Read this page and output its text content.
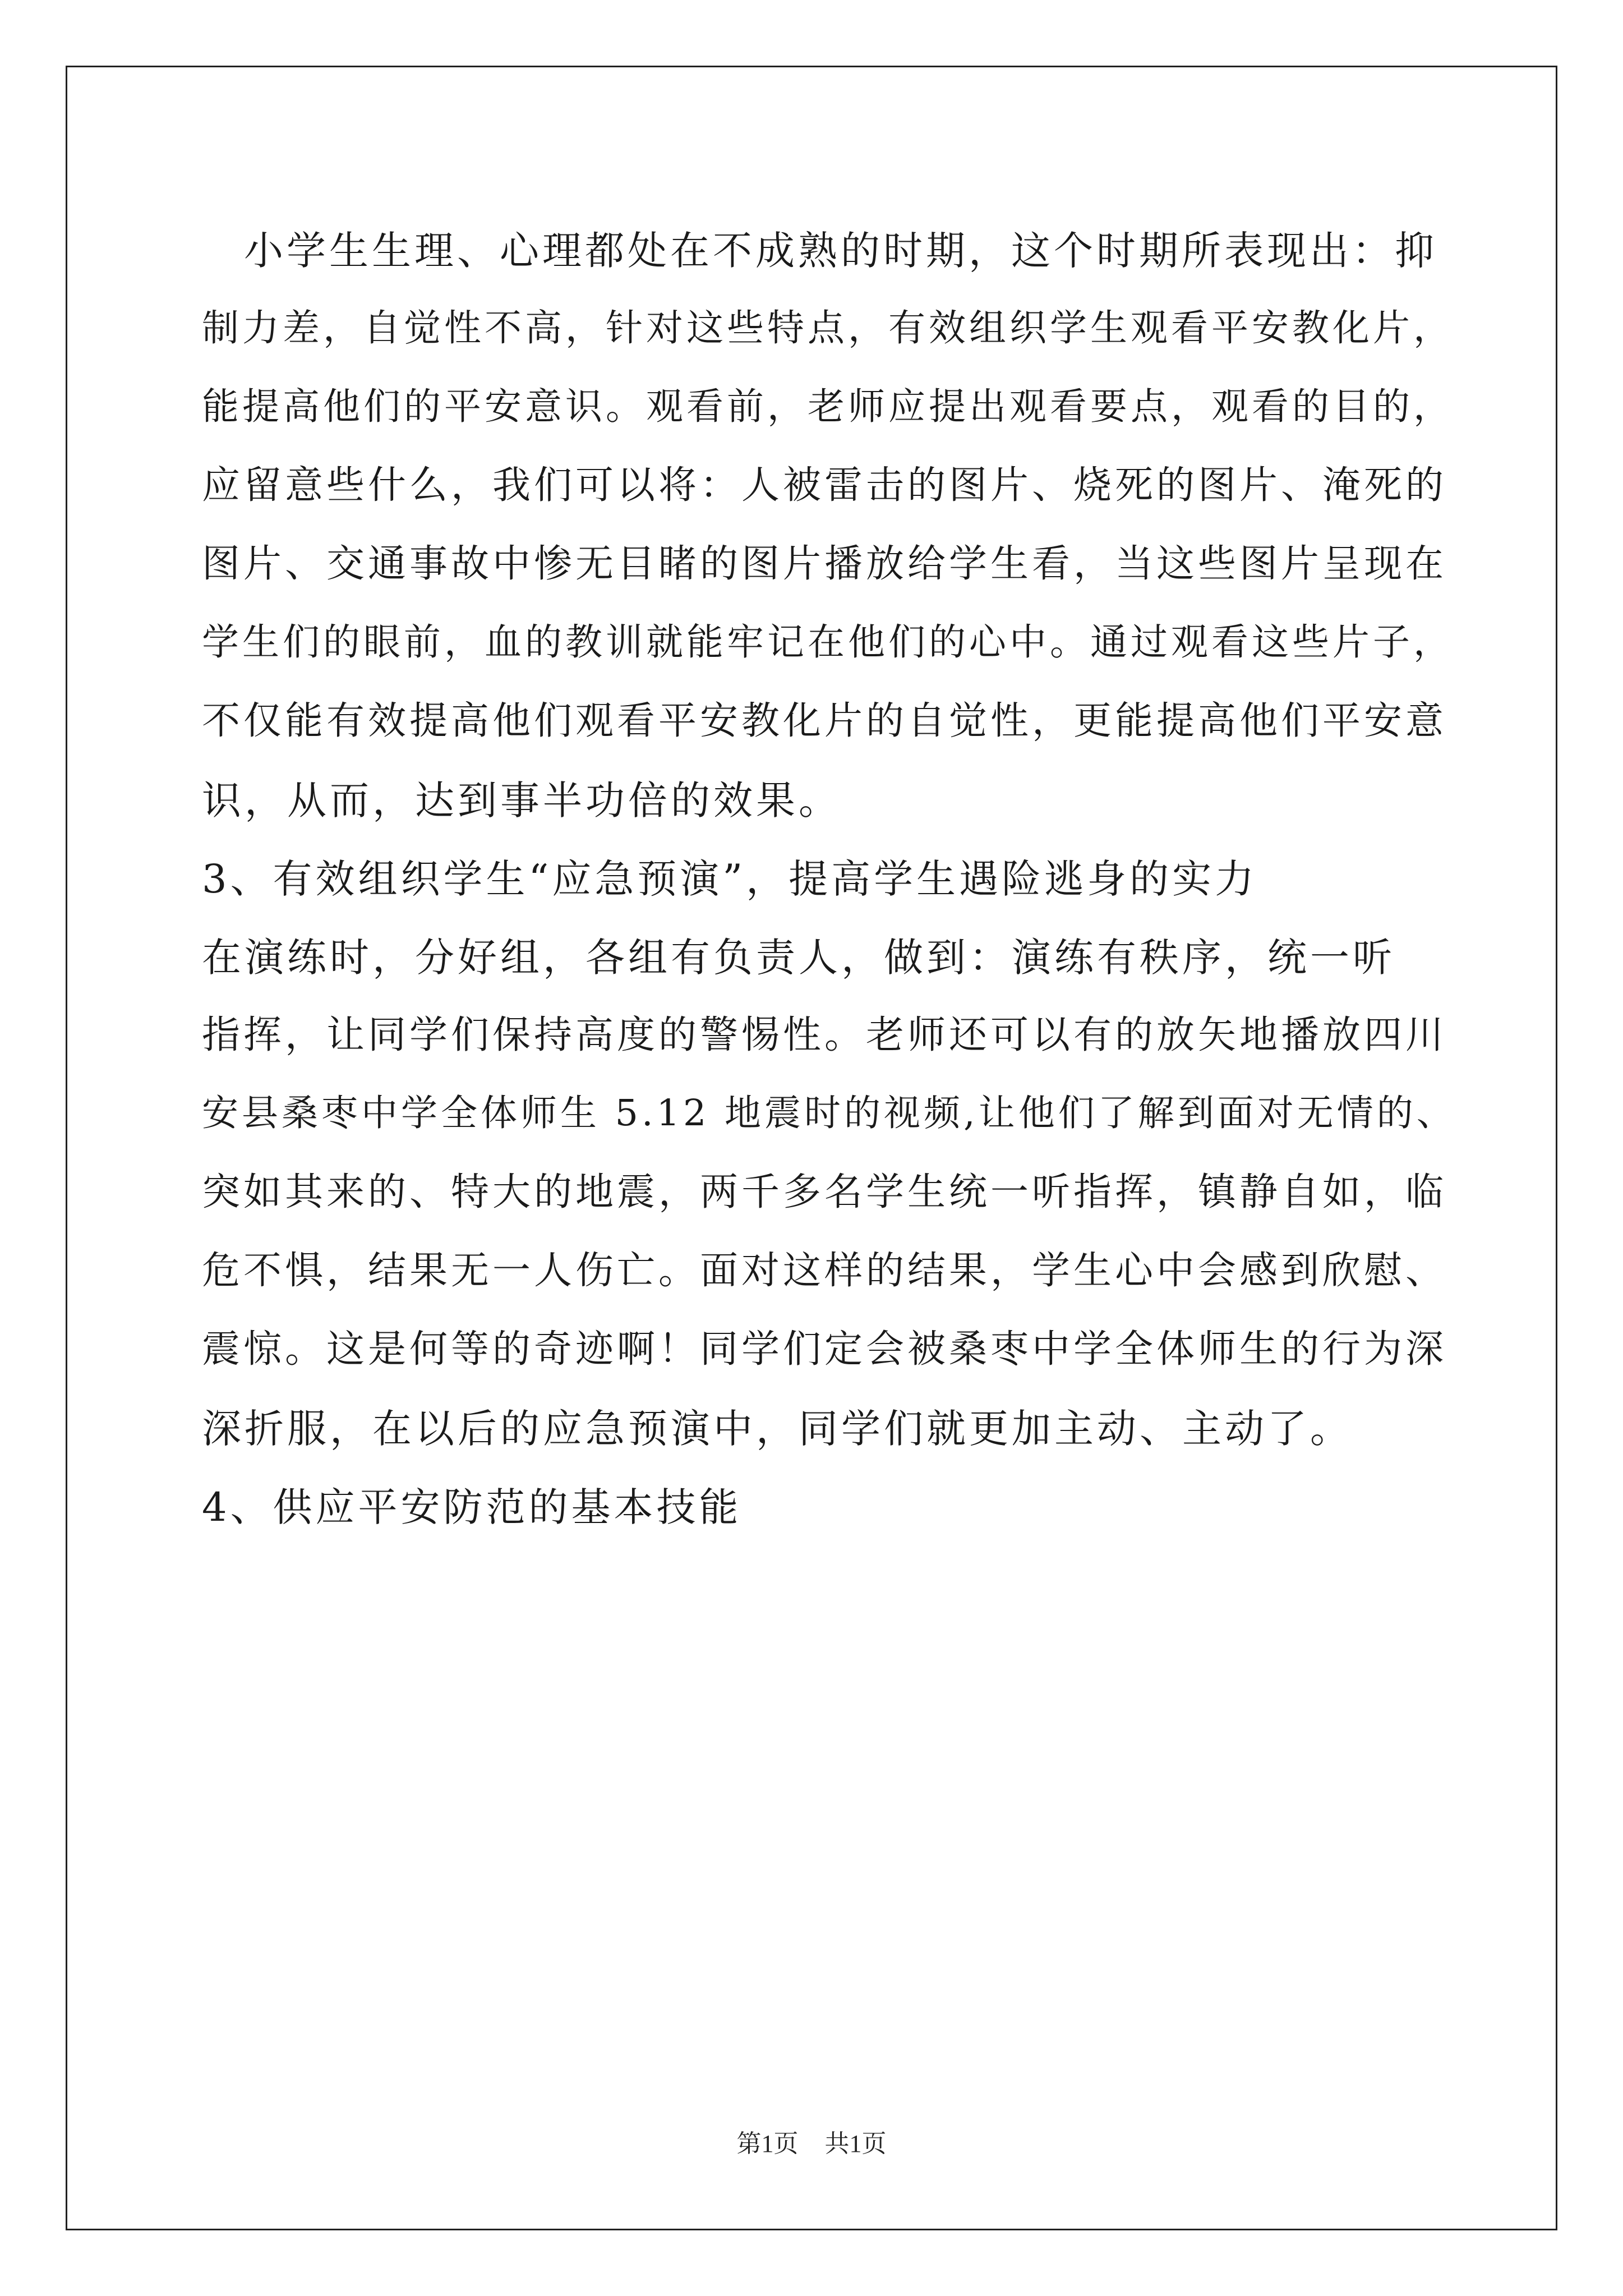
小学生生理、心理都处在不成熟的时期，这个时期所表现出：抑
制力差，自觉性不高，针对这些特点，有效组织学生观看平安教化片，
能提高他们的平安意识。观看前，老师应提出观看要点，观看的目的，
应留意些什么，我们可以将：人被雷击的图片、烧死的图片、淹死的
图片、交通事故中惨无目睹的图片播放给学生看，当这些图片呈现在
学生们的眼前，血的教训就能牢记在他们的心中。通过观看这些片子，
不仅能有效提高他们观看平安教化片的自觉性，更能提高他们平安意
识，从而，达到事半功倍的效果。
3、有效组织学生“应急预演”，提高学生遇险逃身的实力
在演练时，分好组，各组有负责人，做到：演练有秩序，统一听
指挥，让同学们保持高度的警惕性。老师还可以有的放矢地播放四川
安县桑枣中学全体师生 5.12 地震时的视频,让他们了解到面对无情的、
突如其来的、特大的地震，两千多名学生统一听指挥，镇静自如，临
危不惧，结果无一人伤亡。面对这样的结果，学生心中会感到欣慰、
震惊。这是何等的奇迹啊！同学们定会被桑枣中学全体师生的行为深
深折服，在以后的应急预演中，同学们就更加主动、主动了。
4、供应平安防范的基本技能
第1页 共1页
